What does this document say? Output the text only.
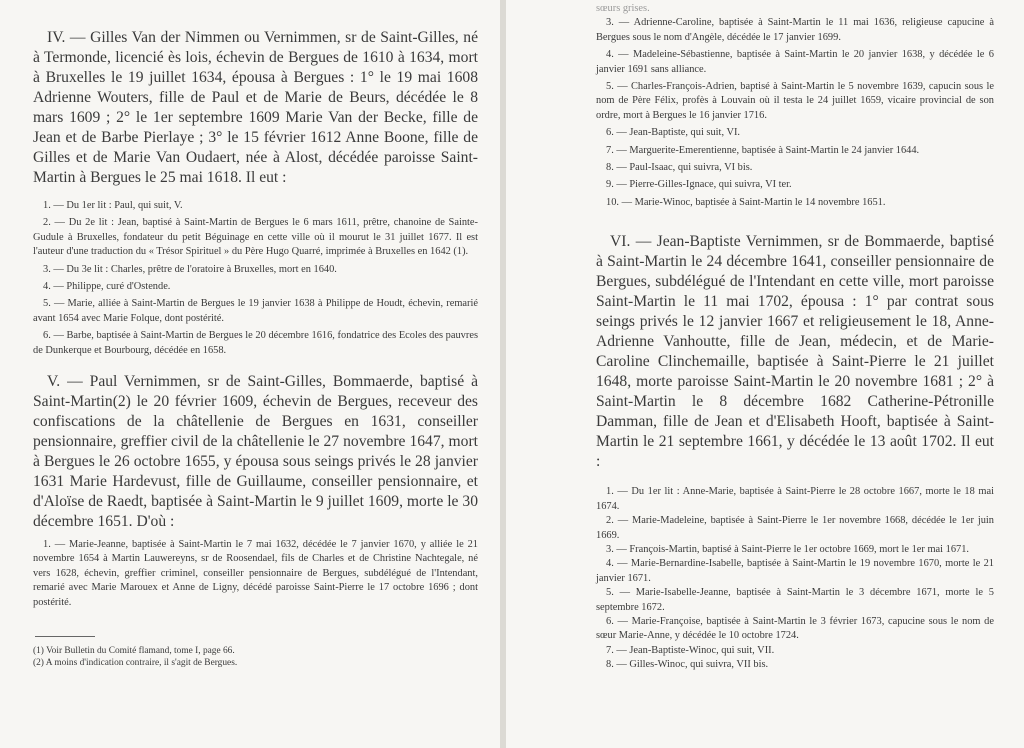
IV. — Gilles Van der Nimmen ou Vernimmen, sr de Saint-Gilles, né à Termonde, licencié ès lois, échevin de Bergues de 1610 à 1634, mort à Bruxelles le 19 juillet 1634, épousa à Bergues : 1° le 19 mai 1608 Adrienne Wouters, fille de Paul et de Marie de Beurs, décédée le 8 mars 1609 ; 2° le 1er septembre 1609 Marie Van der Becke, fille de Jean et de Barbe Pierlaye ; 3° le 15 février 1612 Anne Boone, fille de Gilles et de Marie Van Oudaert, née à Alost, décédée paroisse Saint-Martin à Bergues le 25 mai 1618. Il eut :

1. — Du 1er lit : Paul, qui suit, V.

2. — Du 2e lit : Jean, baptisé à Saint-Martin de Bergues le 6 mars 1611, prêtre, chanoine de Sainte-Gudule à Bruxelles, fondateur du petit Béguinage en cette ville où il mourut le 31 juillet 1677. Il est l'auteur d'une traduction du « Trésor Spirituel » du Père Hugo Quarré, imprimée à Bruxelles en 1642 (1).

3. — Du 3e lit : Charles, prêtre de l'oratoire à Bruxelles, mort en 1640.

4. — Philippe, curé d'Ostende.

5. — Marie, alliée à Saint-Martin de Bergues le 19 janvier 1638 à Philippe de Houdt, échevin, remarié avant 1654 avec Marie Folque, dont postérité.

6. — Barbe, baptisée à Saint-Martin de Bergues le 20 décembre 1616, fondatrice des Ecoles des pauvres de Dunkerque et Bourbourg, décédée en 1658.

V. — Paul Vernimmen, sr de Saint-Gilles, Bommaerde, baptisé à Saint-Martin(2) le 20 février 1609, échevin de Bergues, receveur des confiscations de la châtellenie de Bergues en 1631, conseiller pensionnaire, greffier civil de la châtellenie le 27 novembre 1647, mort à Bergues le 26 octobre 1655, y épousa sous seings privés le 28 janvier 1631 Marie Hardevust, fille de Guillaume, conseiller pensionnaire, et d'Aloïse de Raedt, baptisée à Saint-Martin le 9 juillet 1609, morte le 30 décembre 1651. D'où :

1. — Marie-Jeanne, baptisée à Saint-Martin le 7 mai 1632, décédée le 7 janvier 1670, y alliée le 21 novembre 1654 à Martin Lauwereyns, sr de Roosendael, fils de Charles et de Christine Nachtegale, né vers 1628, échevin, greffier criminel, conseiller pensionnaire de Bergues, subdélégué de l'Intendant, remarié avec Marie Marouex et Anne de Ligny, décédé paroisse Saint-Pierre le 17 octobre 1696 ; dont postérité.

(1) Voir Bulletin du Comité flamand, tome I, page 66.

(2) A moins d'indication contraire, il s'agit de Bergues.

sœurs grises.

3. — Adrienne-Caroline, baptisée à Saint-Martin le 11 mai 1636, religieuse capucine à Bergues sous le nom d'Angèle, décédée le 17 janvier 1699.

4. — Madeleine-Sébastienne, baptisée à Saint-Martin le 20 janvier 1638, y décédée le 6 janvier 1691 sans alliance.

5. — Charles-François-Adrien, baptisé à Saint-Martin le 5 novembre 1639, capucin sous le nom de Père Félix, profès à Louvain où il testa le 24 juillet 1659, vicaire provincial de son ordre, mort à Bergues le 16 janvier 1716.

6. — Jean-Baptiste, qui suit, VI.

7. — Marguerite-Emerentienne, baptisée à Saint-Martin le 24 janvier 1644.

8. — Paul-Isaac, qui suivra, VI bis.

9. — Pierre-Gilles-Ignace, qui suivra, VI ter.

10. — Marie-Winoc, baptisée à Saint-Martin le 14 novembre 1651.

VI. — Jean-Baptiste Vernimmen, sr de Bommaerde, baptisé à Saint-Martin le 24 décembre 1641, conseiller pensionnaire de Bergues, subdélégué de l'Intendant en cette ville, mort paroisse Saint-Martin le 11 mai 1702, épousa : 1° par contrat sous seings privés le 12 janvier 1667 et religieusement le 18, Anne-Adrienne Vanhoutte, fille de Jean, médecin, et de Marie-Caroline Clinchemaille, baptisée à Saint-Pierre le 21 juillet 1648, morte paroisse Saint-Martin le 20 novembre 1681 ; 2° à Saint-Martin le 8 décembre 1682 Catherine-Pétronille Damman, fille de Jean et d'Elisabeth Hooft, baptisée à Saint-Martin le 21 septembre 1661, y décédée le 13 août 1702. Il eut :

1. — Du 1er lit : Anne-Marie, baptisée à Saint-Pierre le 28 octobre 1667, morte le 18 mai 1674.

2. — Marie-Madeleine, baptisée à Saint-Pierre le 1er novembre 1668, décédée le 1er juin 1669.

3. — François-Martin, baptisé à Saint-Pierre le 1er octobre 1669, mort le 1er mai 1671.

4. — Marie-Bernardine-Isabelle, baptisée à Saint-Martin le 19 novembre 1670, morte le 21 janvier 1671.

5. — Marie-Isabelle-Jeanne, baptisée à Saint-Martin le 3 décembre 1671, morte le 5 septembre 1672.

6. — Marie-Françoise, baptisée à Saint-Martin le 3 février 1673, capucine sous le nom de sœur Marie-Anne, y décédée le 10 octobre 1724.

7. — Jean-Baptiste-Winoc, qui suit, VII.

8. — Gilles-Winoc, qui suivra, VII bis.
